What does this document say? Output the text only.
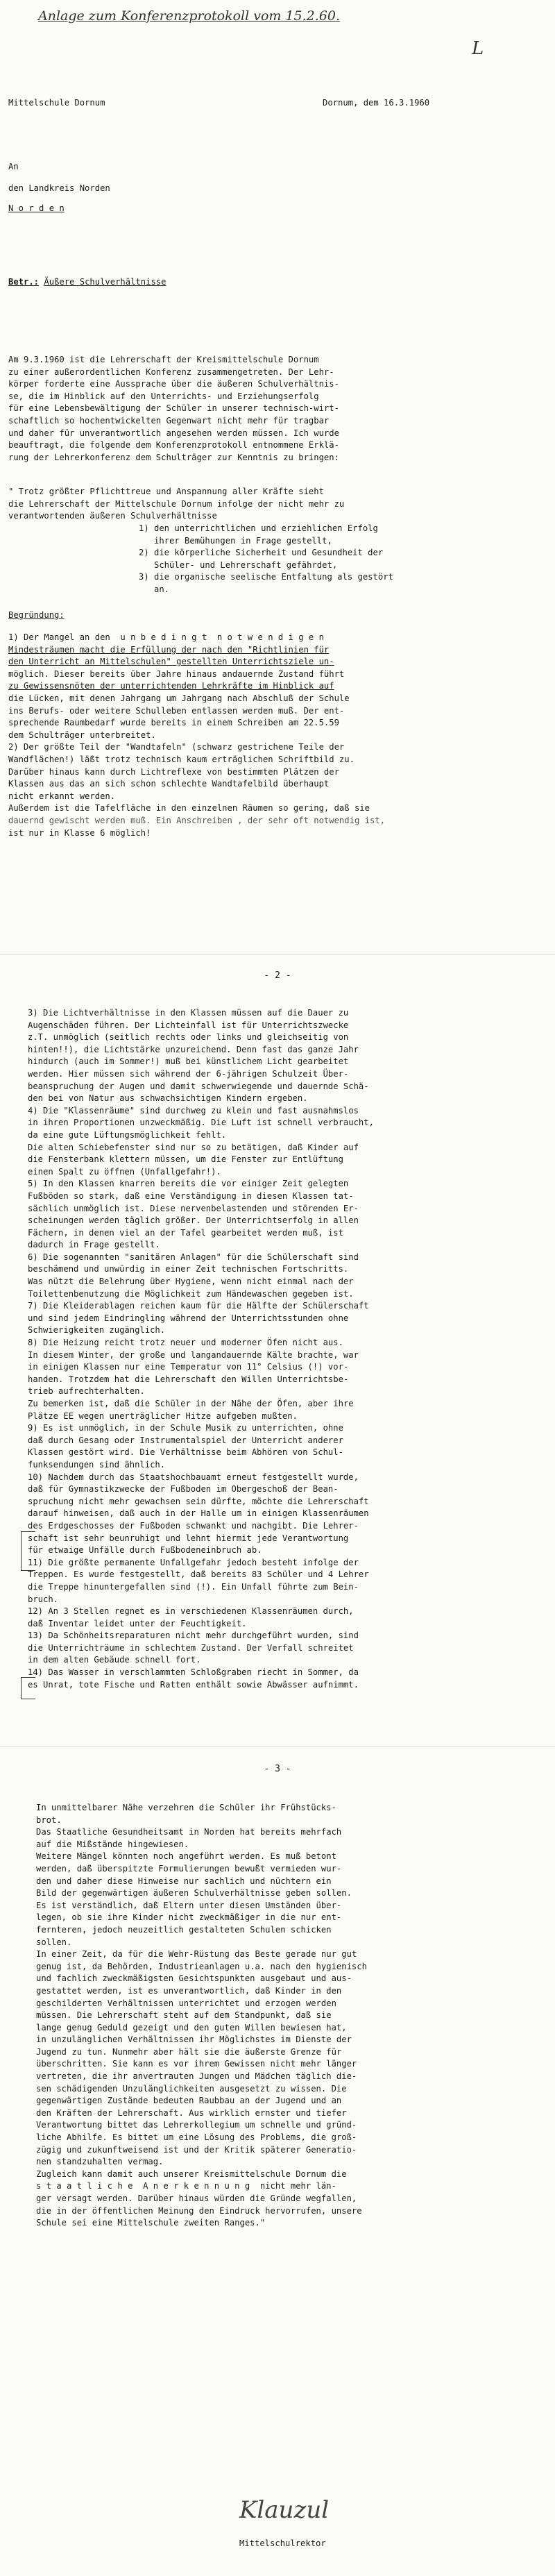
Anlage zum Konferenzprotokoll vom 15.2.60.
L
Mittelschule Dornum	Dornum, dem 16.3.1960
An
den Landkreis Norden
N o r d e n
Betr.: Äußere Schulverhältnisse
Am 9.3.1960 ist die Lehrerschaft der Kreismittelschule Dornum
zu einer außerordentlichen Konferenz zusammengetreten. Der Lehr-
körper forderte eine Aussprache über die äußeren Schulverhältnis-
se, die im Hinblick auf den Unterrichts- und Erziehungserfolg
für eine Lebensbewältigung der Schüler in unserer technisch-wirt-
schaftlich so hochentwickelten Gegenwart nicht mehr für tragbar
und daher für unverantwortlich angesehen werden müssen. Ich wurde
beauftragt, die folgende dem Konferenzprotokoll entnommene Erklä-
rung der Lehrerkonferenz dem Schulträger zur Kenntnis zu bringen:
" Trotz größter Pflichttreue und Anspannung aller Kräfte sieht
die Lehrerschaft der Mittelschule Dornum infolge der nicht mehr zu
verantwortenden äußeren Schulverhältnisse
1) den unterrichtlichen und erziehlichen Erfolg
ihrer Bemühungen in Frage gestellt,
2) die körperliche Sicherheit und Gesundheit der
Schüler- und Lehrerschaft gefährdet,
3) die organische seelische Entfaltung als gestört
an.
Begründung:
1) Der Mangel an den  u n b e d i n g t  n o t w e n d i g e n
Mindesträumen macht die Erfüllung der nach den "Richtlinien für
den Unterricht an Mittelschulen" gestellten Unterrichtsziele un-
möglich. Dieser bereits über Jahre hinaus andauernde Zustand führt
zu Gewissensnöten der unterrichtenden Lehrkräfte im Hinblick auf
die Lücken, mit denen Jahrgang um Jahrgang nach Abschluß der Schule
ins Berufs- oder weitere Schulleben entlassen werden muß. Der ent-
sprechende Raumbedarf wurde bereits in einem Schreiben am 22.5.59
dem Schulträger unterbreitet.
2) Der größte Teil der "Wandtafeln" (schwarz gestrichene Teile der
Wandflächen!) läßt trotz technisch kaum erträglichen Schriftbild zu.
Darüber hinaus kann durch Lichtreflexe von bestimmten Plätzen der
Klassen aus das an sich schon schlechte Wandtafelbild überhaupt
nicht erkannt werden.
Außerdem ist die Tafelfläche in den einzelnen Räumen so gering, daß sie
dauernd gewischt werden muß. Ein Anschreiben , der sehr oft notwendig ist,
ist nur in Klasse 6 möglich!
- 2 -
3) Die Lichtverhältnisse in den Klassen müssen auf die Dauer zu
Augenschäden führen. Der Lichteinfall ist für Unterrichtszwecke
z.T. unmöglich (seitlich rechts oder links und gleichseitig von
hinten!!), die Lichtstärke unzureichend. Denn fast das ganze Jahr
hindurch (auch im Sommer!) muß bei künstlichem Licht gearbeitet
werden. Hier müssen sich während der 6-jährigen Schulzeit Über-
beanspruchung der Augen und damit schwerwiegende und dauernde Schä-
den bei von Natur aus schwachsichtigen Kindern ergeben.
4) Die "Klassenräume" sind durchweg zu klein und fast ausnahmslos
in ihren Proportionen unzweckmäßig. Die Luft ist schnell verbraucht,
da eine gute Lüftungsmöglichkeit fehlt.
Die alten Schiebefenster sind nur so zu betätigen, daß Kinder auf
die Fensterbank klettern müssen, um die Fenster zur Entlüftung
einen Spalt zu öffnen (Unfallgefahr!).
5) In den Klassen knarren bereits die vor einiger Zeit gelegten
Fußböden so stark, daß eine Verständigung in diesen Klassen tat-
sächlich unmöglich ist. Diese nervenbelastenden und störenden Er-
scheinungen werden täglich größer. Der Unterrichtserfolg in allen
Fächern, in denen viel an der Tafel gearbeitet werden muß, ist
dadurch in Frage gestellt.
6) Die sogenannten "sanitären Anlagen" für die Schülerschaft sind
beschämend und unwürdig in einer Zeit technischen Fortschritts.
Was nützt die Belehrung über Hygiene, wenn nicht einmal nach der
Toilettenbenutzung die Möglichkeit zum Händewaschen gegeben ist.
7) Die Kleiderablagen reichen kaum für die Hälfte der Schülerschaft
und sind jedem Eindringling während der Unterrichtsstunden ohne
Schwierigkeiten zugänglich.
8) Die Heizung reicht trotz neuer und moderner Öfen nicht aus.
In diesem Winter, der große und langandauernde Kälte brachte, war
in einigen Klassen nur eine Temperatur von 11° Celsius (!) vor-
handen. Trotzdem hat die Lehrerschaft den Willen Unterrichtsbe-
trieb aufrechterhalten.
Zu bemerken ist, daß die Schüler in der Nähe der Öfen, aber ihre
Plätze EE wegen unerträglicher Hitze aufgeben mußten.
9) Es ist unmöglich, in der Schule Musik zu unterrichten, ohne
daß durch Gesang oder Instrumentalspiel der Unterricht anderer
Klassen gestört wird. Die Verhältnisse beim Abhören von Schul-
funksendungen sind ähnlich.
10) Nachdem durch das Staatshochbauamt erneut festgestellt wurde,
daß für Gymnastikzwecke der Fußboden im Obergeschoß der Bean-
spruchung nicht mehr gewachsen sein dürfte, möchte die Lehrerschaft
darauf hinweisen, daß auch in der Halle um in einigen Klassenräumen
des Erdgeschosses der Fußboden schwankt und nachgibt. Die Lehrer-
schaft ist sehr beunruhigt und lehnt hiermit jede Verantwortung
für etwaige Unfälle durch Fußbodeneinbruch ab.
11) Die größte permanente Unfallgefahr jedoch besteht infolge der
Treppen. Es wurde festgestellt, daß bereits 83 Schüler und 4 Lehrer
die Treppe hinuntergefallen sind (!). Ein Unfall führte zum Bein-
bruch.
12) An 3 Stellen regnet es in verschiedenen Klassenräumen durch,
daß Inventar leidet unter der Feuchtigkeit.
13) Da Schönheitsreparaturen nicht mehr durchgeführt wurden, sind
die Unterrichträume in schlechtem Zustand. Der Verfall schreitet
in dem alten Gebäude schnell fort.
14) Das Wasser in verschlammten Schloßgraben riecht in Sommer, da
es Unrat, tote Fische und Ratten enthält sowie Abwässer aufnimmt.
- 3 -
In unmittelbarer Nähe verzehren die Schüler ihr Frühstücks-
brot.
Das Staatliche Gesundheitsamt in Norden hat bereits mehrfach
auf die Mißstände hingewiesen.
Weitere Mängel könnten noch angeführt werden. Es muß betont
werden, daß überspitzte Formulierungen bewußt vermieden wur-
den und daher diese Hinweise nur sachlich und nüchtern ein
Bild der gegenwärtigen äußeren Schulverhältnisse geben sollen.
Es ist verständlich, daß Eltern unter diesen Umständen über-
legen, ob sie ihre Kinder nicht zweckmäßiger in die nur ent-
fernteren, jedoch neuzeitlich gestalteten Schulen schicken
sollen.
In einer Zeit, da für die Wehr-Rüstung das Beste gerade nur gut
genug ist, da Behörden, Industrieanlagen u.a. nach den hygienisch
und fachlich zweckmäßigsten Gesichtspunkten ausgebaut und aus-
gestattet werden, ist es unverantwortlich, daß Kinder in den
geschilderten Verhältnissen unterrichtet und erzogen werden
müssen. Die Lehrerschaft steht auf dem Standpunkt, daß sie
lange genug Geduld gezeigt und den guten Willen bewiesen hat,
in unzulänglichen Verhältnissen ihr Möglichstes im Dienste der
Jugend zu tun. Nunmehr aber hält sie die äußerste Grenze für
überschritten. Sie kann es vor ihrem Gewissen nicht mehr länger
vertreten, die ihr anvertrauten Jungen und Mädchen täglich die-
sen schädigenden Unzulänglichkeiten ausgesetzt zu wissen. Die
gegenwärtigen Zustände bedeuten Raubbau an der Jugend und an
den Kräften der Lehrerschaft. Aus wirklich ernster und tiefer
Verantwortung bittet das Lehrerkollegium um schnelle und gründ-
liche Abhilfe. Es bittet um eine Lösung des Problems, die groß-
zügig und zukunftweisend ist und der Kritik späterer Generatio-
nen standzuhalten vermag.
Zugleich kann damit auch unserer Kreismittelschule Dornum die
s t a a t l i c h e  A n e r k e n n u n g  nicht mehr län-
ger versagt werden. Darüber hinaus würden die Gründe wegfallen,
die in der öffentlichen Meinung den Eindruck hervorrufen, unsere
Schule sei eine Mittelschule zweiten Ranges."
Klauzul
Mittelschulrektor
